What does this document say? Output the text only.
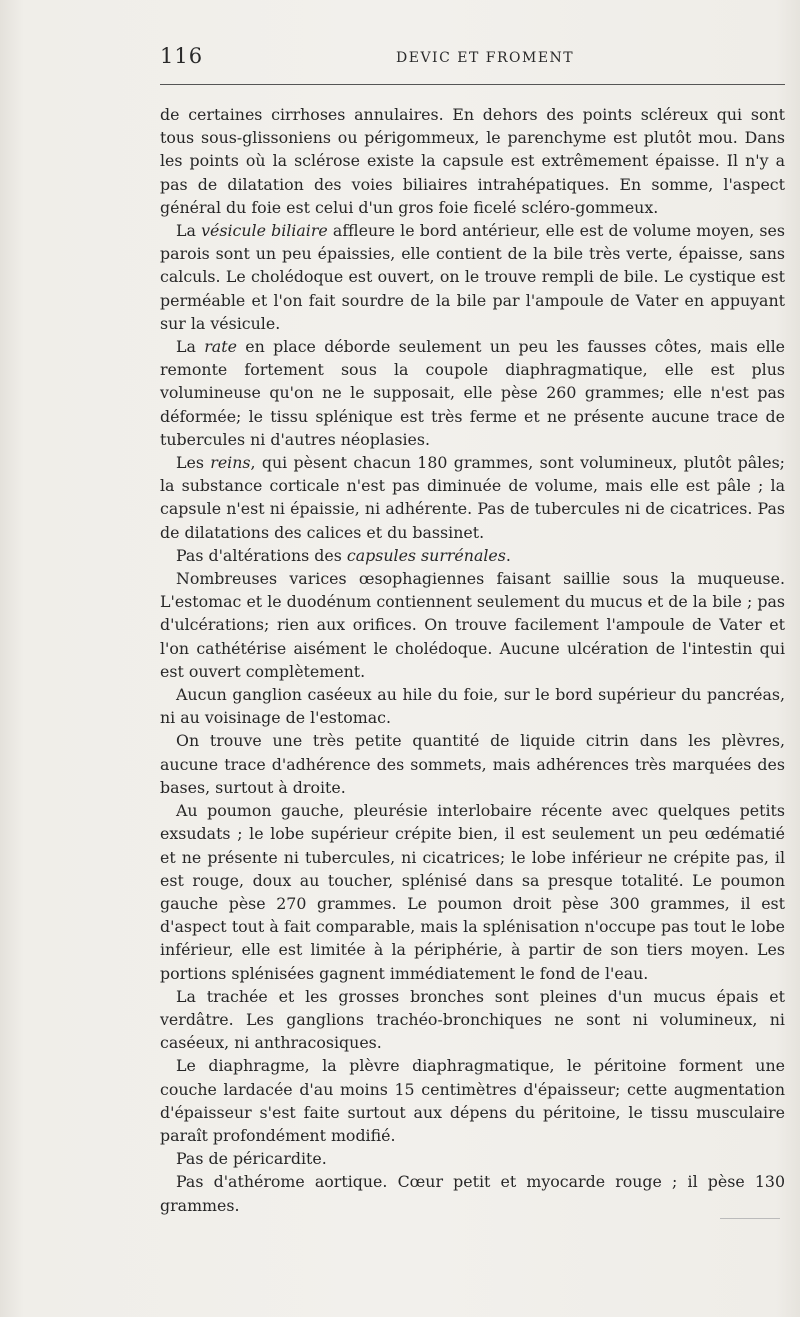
116	DEVIC ET FROMENT

de certaines cirrhoses annulaires. En dehors des points scléreux qui sont tous sous-glissoniens ou périgommeux, le parenchyme est plutôt mou. Dans les points où la sclérose existe la capsule est extrêmement épaisse. Il n'y a pas de dilatation des voies biliaires intrahépatiques. En somme, l'aspect général du foie est celui d'un gros foie ficelé scléro-gommeux.

La vésicule biliaire affleure le bord antérieur, elle est de volume moyen, ses parois sont un peu épaissies, elle contient de la bile très verte, épaisse, sans calculs. Le cholédoque est ouvert, on le trouve rempli de bile. Le cystique est perméable et l'on fait sourdre de la bile par l'ampoule de Vater en appuyant sur la vésicule.

La rate en place déborde seulement un peu les fausses côtes, mais elle remonte fortement sous la coupole diaphragmatique, elle est plus volumineuse qu'on ne le supposait, elle pèse 260 grammes; elle n'est pas déformée; le tissu splénique est très ferme et ne présente aucune trace de tubercules ni d'autres néoplasies.

Les reins, qui pèsent chacun 180 grammes, sont volumineux, plutôt pâles; la substance corticale n'est pas diminuée de volume, mais elle est pâle ; la capsule n'est ni épaissie, ni adhérente. Pas de tubercules ni de cicatrices. Pas de dilatations des calices et du bassinet.

Pas d'altérations des capsules surrénales.

Nombreuses varices œsophagiennes faisant saillie sous la muqueuse. L'estomac et le duodénum contiennent seulement du mucus et de la bile ; pas d'ulcérations; rien aux orifices. On trouve facilement l'ampoule de Vater et l'on cathétérise aisément le cholédoque. Aucune ulcération de l'intestin qui est ouvert complètement.

Aucun ganglion caséeux au hile du foie, sur le bord supérieur du pancréas, ni au voisinage de l'estomac.

On trouve une très petite quantité de liquide citrin dans les plèvres, aucune trace d'adhérence des sommets, mais adhérences très marquées des bases, surtout à droite.

Au poumon gauche, pleurésie interlobaire récente avec quelques petits exsudats ; le lobe supérieur crépite bien, il est seulement un peu œdématié et ne présente ni tubercules, ni cicatrices; le lobe inférieur ne crépite pas, il est rouge, doux au toucher, splénisé dans sa presque totalité. Le poumon gauche pèse 270 grammes. Le poumon droit pèse 300 grammes, il est d'aspect tout à fait comparable, mais la splénisation n'occupe pas tout le lobe inférieur, elle est limitée à la périphérie, à partir de son tiers moyen. Les portions splénisées gagnent immédiatement le fond de l'eau.

La trachée et les grosses bronches sont pleines d'un mucus épais et verdâtre. Les ganglions trachéo-bronchiques ne sont ni volumineux, ni caséeux, ni anthracosiques.

Le diaphragme, la plèvre diaphragmatique, le péritoine forment une couche lardacée d'au moins 15 centimètres d'épaisseur; cette augmentation d'épaisseur s'est faite surtout aux dépens du péritoine, le tissu musculaire paraît profondément modifié.

Pas de péricardite.

Pas d'athérome aortique. Cœur petit et myocarde rouge ; il pèse 130 grammes.
